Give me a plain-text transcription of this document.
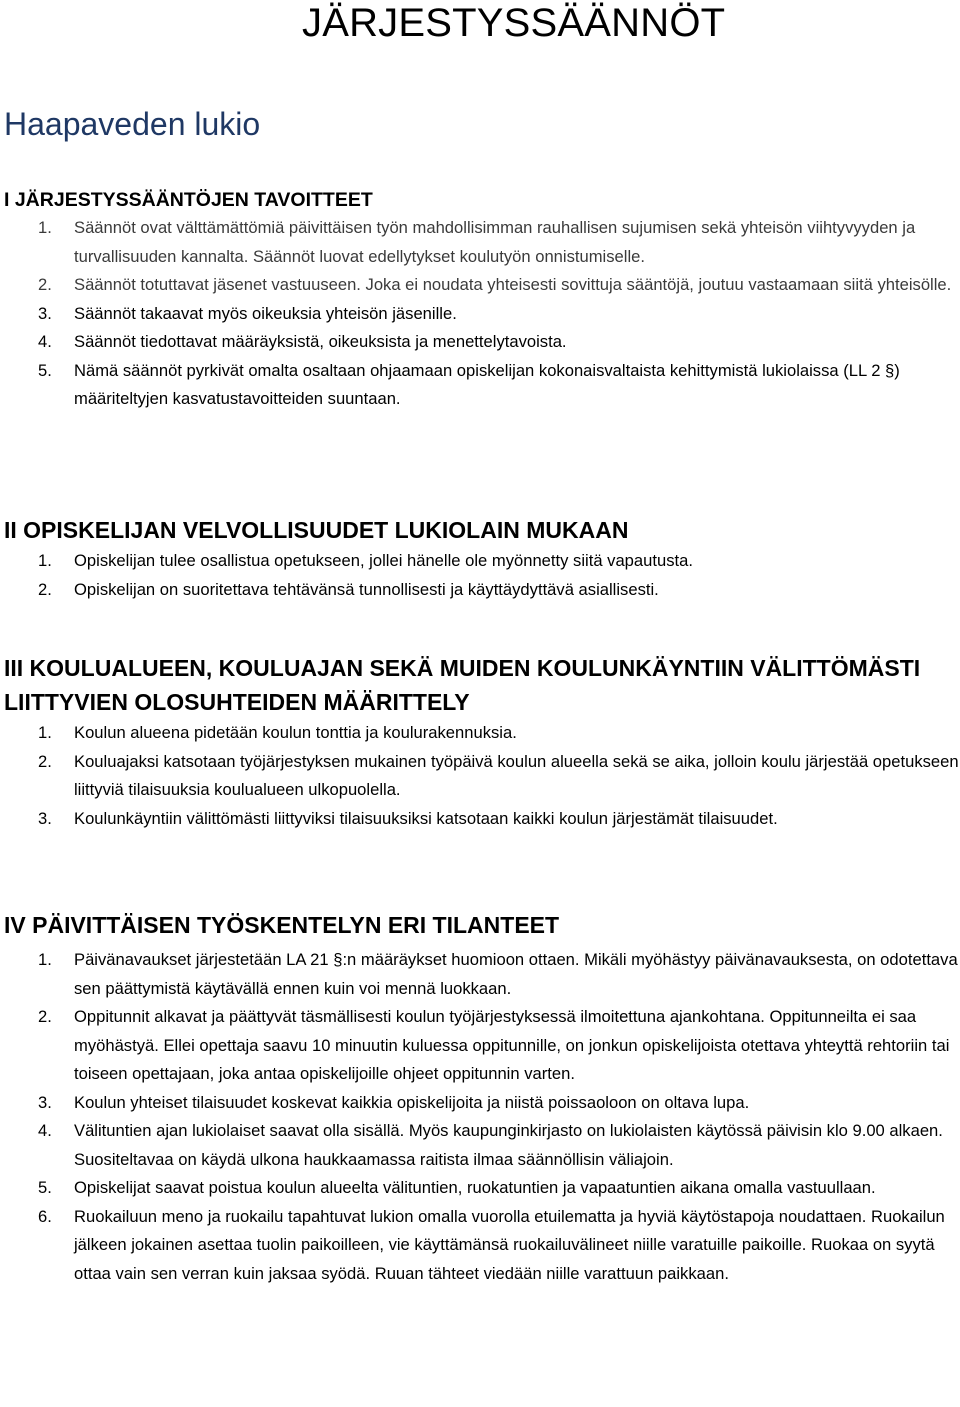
JÄRJESTYSSÄÄNNÖT
Haapaveden lukio
I JÄRJESTYSSÄÄNTÖJEN TAVOITTEET
1. Säännöt ovat välttämättömiä päivittäisen työn mahdollisimman rauhallisen sujumisen sekä yhteisön viihtyvyyden ja turvallisuuden kannalta. Säännöt luovat edellytykset koulutyön onnistumiselle.
2. Säännöt totuttavat jäsenet vastuuseen. Joka ei noudata yhteisesti sovittuja sääntöjä, joutuu vastaamaan siitä yhteisölle.
3. Säännöt takaavat myös oikeuksia yhteisön jäsenille.
4. Säännöt tiedottavat määräyksistä, oikeuksista ja menettelytavoista.
5. Nämä säännöt pyrkivät omalta osaltaan ohjaamaan opiskelijan kokonaisvaltaista kehittymistä lukiolaissa (LL 2 §) määriteltyjen kasvatustavoitteiden suuntaan.
II OPISKELIJAN VELVOLLISUUDET LUKIOLAIN MUKAAN
1. Opiskelijan tulee osallistua opetukseen, jollei hänelle ole myönnetty siitä vapautusta.
2. Opiskelijan on suoritettava tehtävänsä tunnollisesti ja käyttäydyttävä asiallisesti.
III KOULUALUEEN, KOULUAJAN SEKÄ MUIDEN KOULUNKÄYNTIIN VÄLITTÖMÄSTI LIITTYVIEN OLOSUHTEIDEN MÄÄRITTELY
1. Koulun alueena pidetään koulun tonttia ja koulurakennuksia.
2. Kouluajaksi katsotaan työjärjestyksen mukainen työpäivä koulun alueella sekä se aika, jolloin koulu järjestää opetukseen liittyviä tilaisuuksia koulualueen ulkopuolella.
3. Koulunkäyntiin välittömästi liittyviksi tilaisuuksiksi katsotaan kaikki koulun järjestämät tilaisuudet.
IV PÄIVITTÄISEN TYÖSKENTELYN ERI TILANTEET
1. Päivänavaukset järjestetään LA 21 §:n määräykset huomioon ottaen. Mikäli myöhästyy päivänavauksesta, on odotettava sen päättymistä käytävällä ennen kuin voi mennä luokkaan.
2. Oppitunnit alkavat ja päättyvät täsmällisesti koulun työjärjestyksessä ilmoitettuna ajankohtana. Oppitunneilta ei saa myöhästyä. Ellei opettaja saavu 10 minuutin kuluessa oppitunnille, on jonkun opiskelijoista otettava yhteyttä rehtoriin tai toiseen opettajaan, joka antaa opiskelijoille ohjeet oppitunnin varten.
3. Koulun yhteiset tilaisuudet koskevat kaikkia opiskelijoita ja niistä poissaoloon on oltava lupa.
4. Välituntien ajan lukiolaiset saavat olla sisällä. Myös kaupunginkirjasto on lukiolaisten käytössä päivisin klo 9.00 alkaen. Suositeltavaa on käydä ulkona haukkaamassa raitista ilmaa säännöllisin väliajoin.
5. Opiskelijat saavat poistua koulun alueelta välituntien, ruokatuntien ja vapaatuntien aikana omalla vastuullaan.
6. Ruokailuun meno ja ruokailu tapahtuvat lukion omalla vuorolla etuilematta ja hyviä käytöstapoja noudattaen. Ruokailun jälkeen jokainen asettaa tuolin paikoilleen, vie käyttämänsä ruokailuvälineet niille varatuille paikoille. Ruokaa on syytä ottaa vain sen verran kuin jaksaa syödä. Ruuan tähteet viedään niille varattuun paikkaan.
